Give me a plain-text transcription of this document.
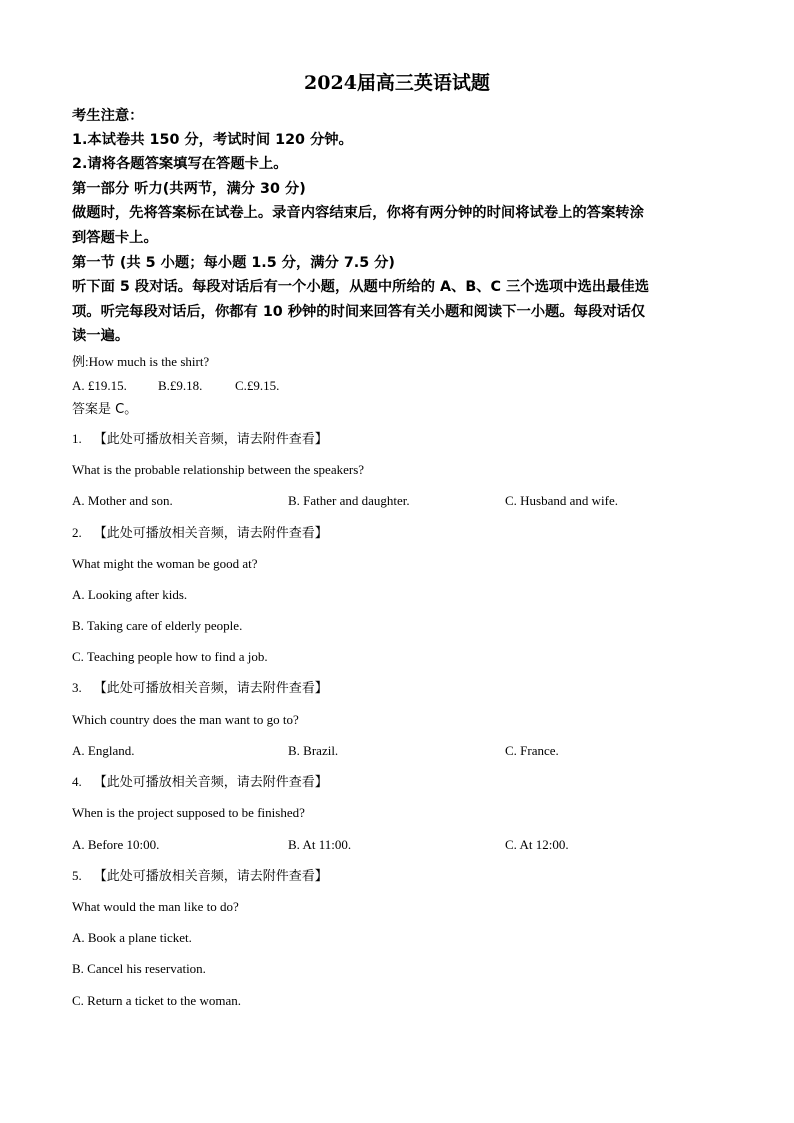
2024届高三英语试题
考生注意：
1.本试卷共 150 分，考试时间 120 分钟。
2.请将各题答案填写在答题卡上。
第一部分 听力(共两节，满分 30 分)
做题时，先将答案标在试卷上。录音内容结束后，你将有两分钟的时间将试卷上的答案转涂
到答题卡上。
第一节 (共 5 小题；每小题 1.5 分，满分 7.5 分)
听下面 5 段对话。每段对话后有一个小题，从题中所给的 A、B、C 三个选项中选出最佳选
项。听完每段对话后，你都有 10 秒钟的时间来回答有关小题和阅读下一小题。每段对话仅
读一遍。
例:How much is the shirt?
A. £19.15. B.£9.18.	C.£9.15.
答案是 C。
1. 【此处可播放相关音频，请去附件查看】
What is the probable relationship between the speakers?
A. Mother and son.	B. Father and daughter.	C. Husband and wife.
2. 【此处可播放相关音频，请去附件查看】
What might the woman be good at?
A. Looking after kids.
B. Taking care of elderly people.
C. Teaching people how to find a job.
3. 【此处可播放相关音频，请去附件查看】
Which country does the man want to go to?
A. England.	B. Brazil.	C. France.
4. 【此处可播放相关音频，请去附件查看】
When is the project supposed to be finished?
A. Before 10:00.	B. At 11:00.	C. At 12:00.
5. 【此处可播放相关音频，请去附件查看】
What would the man like to do?
A. Book a plane ticket.
B. Cancel his reservation.
C. Return a ticket to the woman.
